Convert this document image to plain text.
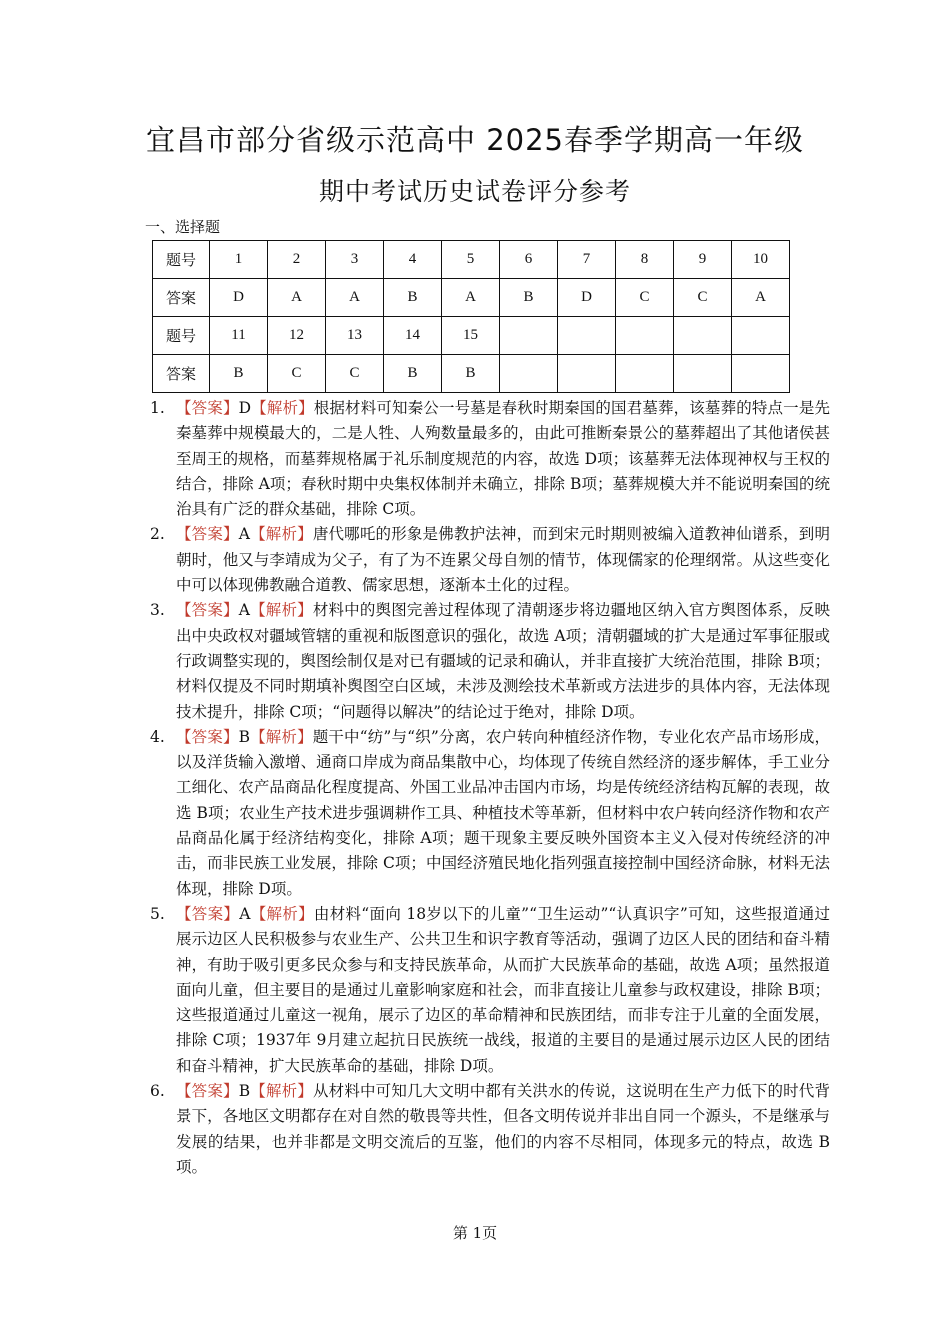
宜昌市部分省级示范高中 2025春季学期高一年级
期中考试历史试卷评分参考
一、选择题
题号	1	2	3	4	5	6	7	8	9	10
答案	D	A	A	B	A	B	D	C	C	A
题号	11	12	13	14	15					
答案	B	C	C	B	B					
1. 【答案】D【解析】根据材料可知秦公一号墓是春秋时期秦国的国君墓葬，该墓葬的特点一是先秦墓葬中规模最大的，二是人牲、人殉数量最多的，由此可推断秦景公的墓葬超出了其他诸侯甚至周王的规格，而墓葬规格属于礼乐制度规范的内容，故选 D项；该墓葬无法体现神权与王权的结合，排除 A项；春秋时期中央集权体制并未确立，排除 B项；墓葬规模大并不能说明秦国的统治具有广泛的群众基础，排除 C项。
2. 【答案】A【解析】唐代哪吒的形象是佛教护法神，而到宋元时期则被编入道教神仙谱系，到明朝时，他又与李靖成为父子，有了为不连累父母自刎的情节，体现儒家的伦理纲常。从这些变化中可以体现佛教融合道教、儒家思想，逐渐本土化的过程。
3. 【答案】A【解析】材料中的舆图完善过程体现了清朝逐步将边疆地区纳入官方舆图体系，反映出中央政权对疆域管辖的重视和版图意识的强化，故选 A项；清朝疆域的扩大是通过军事征服或行政调整实现的，舆图绘制仅是对已有疆域的记录和确认，并非直接扩大统治范围，排除 B项；材料仅提及不同时期填补舆图空白区域，未涉及测绘技术革新或方法进步的具体内容，无法体现技术提升，排除 C项；“问题得以解决”的结论过于绝对，排除 D项。
4. 【答案】B【解析】题干中“纺”与“织”分离，农户转向种植经济作物，专业化农产品市场形成，以及洋货输入激增、通商口岸成为商品集散中心，均体现了传统自然经济的逐步解体，手工业分工细化、农产品商品化程度提高、外国工业品冲击国内市场，均是传统经济结构瓦解的表现，故选 B项；农业生产技术进步强调耕作工具、种植技术等革新，但材料中农户转向经济作物和农产品商品化属于经济结构变化，排除 A项；题干现象主要反映外国资本主义入侵对传统经济的冲击，而非民族工业发展，排除 C项；中国经济殖民地化指列强直接控制中国经济命脉，材料无法体现，排除 D项。
5. 【答案】A【解析】由材料“面向 18岁以下的儿童”“卫生运动”“认真识字”可知，这些报道通过展示边区人民积极参与农业生产、公共卫生和识字教育等活动，强调了边区人民的团结和奋斗精神，有助于吸引更多民众参与和支持民族革命，从而扩大民族革命的基础，故选 A项；虽然报道面向儿童，但主要目的是通过儿童影响家庭和社会，而非直接让儿童参与政权建设，排除 B项；这些报道通过儿童这一视角，展示了边区的革命精神和民族团结，而非专注于儿童的全面发展，排除 C项；1937年 9月建立起抗日民族统一战线，报道的主要目的是通过展示边区人民的团结和奋斗精神，扩大民族革命的基础，排除 D项。
6. 【答案】B【解析】从材料中可知几大文明中都有关洪水的传说，这说明在生产力低下的时代背景下，各地区文明都存在对自然的敬畏等共性，但各文明传说并非出自同一个源头，不是继承与发展的结果，也并非都是文明交流后的互鉴，他们的内容不尽相同，体现多元的特点，故选 B项。
第 1页
